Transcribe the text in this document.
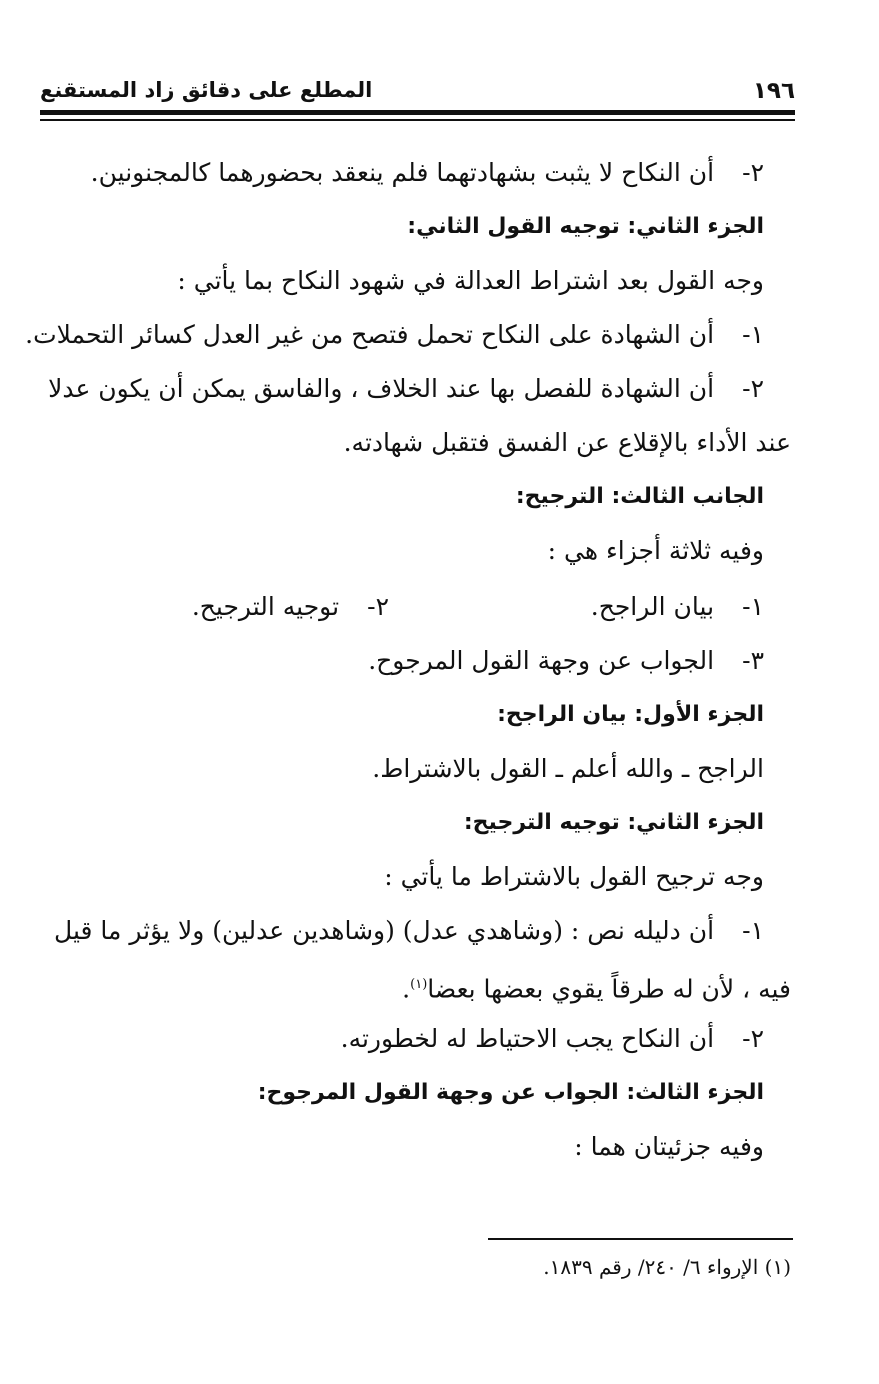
١٩٦
المطلع على دقائق زاد المستقنع
٢- أن النكاح لا يثبت بشهادتهما فلم ينعقد بحضورهما كالمجنونين.
الجزء الثاني: توجيه القول الثاني:
وجه القول بعد اشتراط العدالة في شهود النكاح بما يأتي :
١- أن الشهادة على النكاح تحمل فتصح من غير العدل كسائر التحملات.
٢- أن الشهادة للفصل بها عند الخلاف ، والفاسق يمكن أن يكون عدلا
عند الأداء بالإقلاع عن الفسق فتقبل شهادته.
الجانب الثالث: الترجيح:
وفيه ثلاثة أجزاء هي :
١- بيان الراجح.
٢- توجيه الترجيح.
٣- الجواب عن وجهة القول المرجوح.
الجزء الأول: بيان الراجح:
الراجح ـ والله أعلم ـ القول بالاشتراط.
الجزء الثاني: توجيه الترجيح:
وجه ترجيح القول بالاشتراط ما يأتي :
١- أن دليله نص : (وشاهدي عدل) (وشاهدين عدلين) ولا يؤثر ما قيل
فيه ، لأن له طرقاً يقوي بعضها بعضا$^{(١)}$.
٢- أن النكاح يجب الاحتياط له لخطورته.
الجزء الثالث: الجواب عن وجهة القول المرجوح:
وفيه جزئيتان هما :
(١) الإرواء ٦/ ٢٤٠/ رقم ١٨٣٩.
